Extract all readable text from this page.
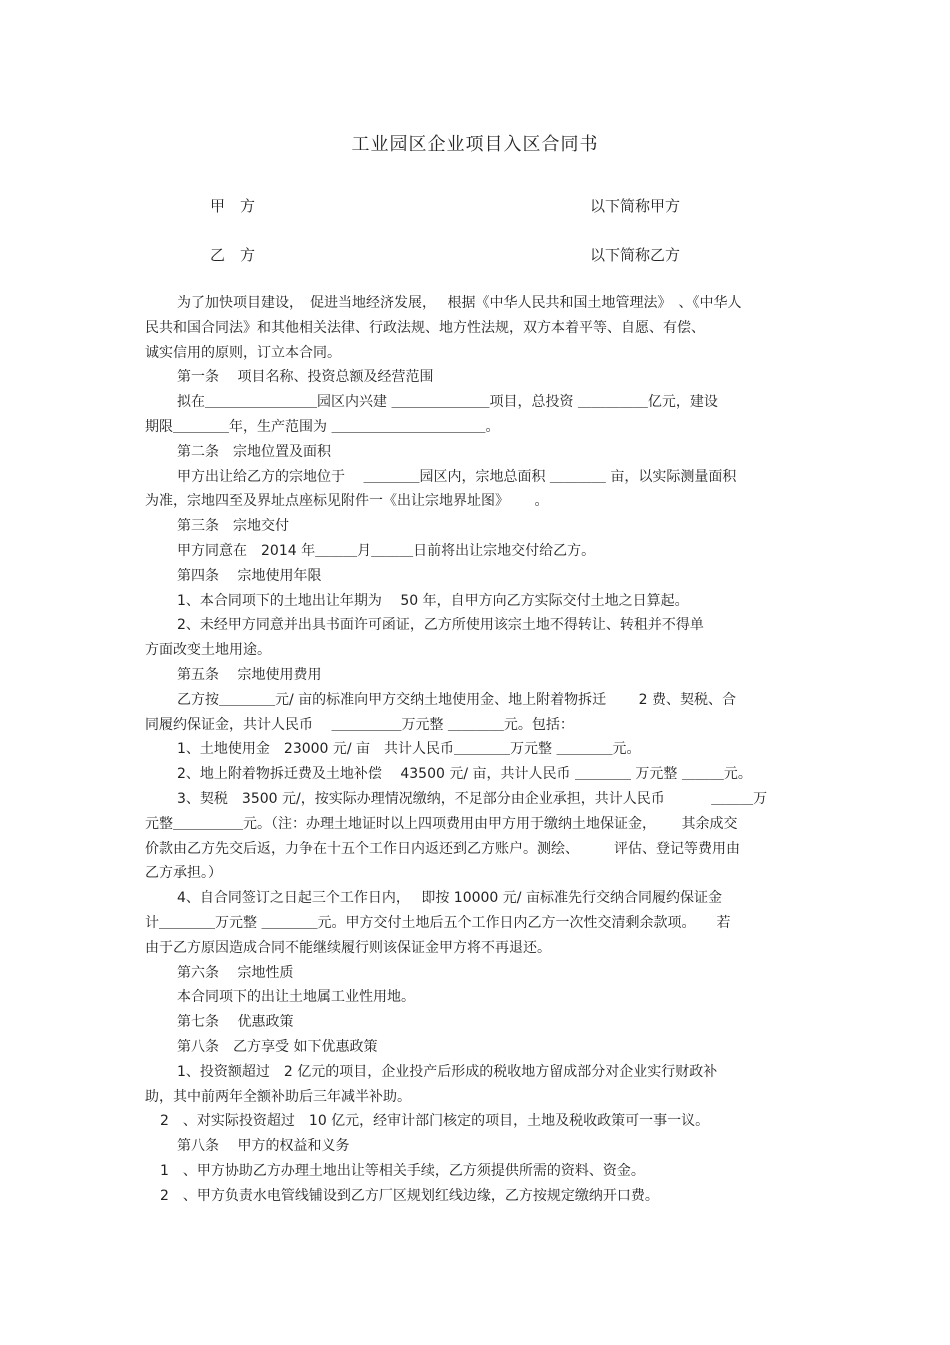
工业园区企业项目入区合同书
甲　方	以下简称甲方
乙　方	以下简称乙方
为了加快项目建设，　促进当地经济发展，　 根据《中华人民共和国土地管理法》　、《中华人
民共和国合同法》和其他相关法律、行政法规、地方性法规，双方本着平等、自愿、有偿、
诚实信用的原则，订立本合同。
第一条　 项目名称、投资总额及经营范围
拟在＿＿＿＿＿＿＿＿园区内兴建 ＿＿＿＿＿＿＿项目，总投资 ＿＿＿＿＿亿元，建设
期限＿＿＿＿年，生产范围为 ＿＿＿＿＿＿＿＿＿＿＿。
第二条　宗地位置及面积
甲方出让给乙方的宗地位于　 ＿＿＿＿园区内，宗地总面积 ＿＿＿＿ 亩，以实际测量面积
为准，宗地四至及界址点座标见附件一《出让宗地界址图》　　 。
第三条　宗地交付
甲方同意在　2014 年＿＿＿月＿＿＿日前将出让宗地交付给乙方。
第四条　 宗地使用年限
1、本合同项下的土地出让年期为　 50 年，自甲方向乙方实际交付土地之日算起。
2、未经甲方同意并出具书面许可函证，乙方所使用该宗土地不得转让、转租并不得单
方面改变土地用途。
第五条　 宗地使用费用
乙方按＿＿＿＿元/ 亩的标准向甲方交纳土地使用金、地上附着物拆迁　　 2 费、契税、合
同履约保证金，共计人民币　 ＿＿＿＿＿万元整 ＿＿＿＿元。包括：
1、土地使用金　23000 元/ 亩　共计人民币＿＿＿＿万元整 ＿＿＿＿元。
2、地上附着物拆迁费及土地补偿　 43500 元/ 亩，共计人民币 ＿＿＿＿ 万元整 ＿＿＿元。
3、契税　3500 元/，按实际办理情况缴纳，不足部分由企业承担，共计人民币　　　 ＿＿＿万
元整＿＿＿＿＿元。（注：办理土地证时以上四项费用由甲方用于缴纳土地保证金，　　 其余成交
价款由乙方先交后返，力争在十五个工作日内返还到乙方账户。测绘、　　　评估、登记等费用由
乙方承担。）
4、自合同签订之日起三个工作日内，　 即按 10000 元/ 亩标准先行交纳合同履约保证金
计＿＿＿＿万元整 ＿＿＿＿元。甲方交付土地后五个工作日内乙方一次性交清剩余款项。　　若
由于乙方原因造成合同不能继续履行则该保证金甲方将不再退还。
第六条　 宗地性质
本合同项下的出让土地属工业性用地。
第七条　 优惠政策
第八条　乙方享受 如下优惠政策
1、投资额超过　2 亿元的项目，企业投产后形成的税收地方留成部分对企业实行财政补
助，其中前两年全额补助后三年减半补助。
2　、对实际投资超过　10 亿元，经审计部门核定的项目，土地及税收政策可一事一议。
第八条　 甲方的权益和义务
1　、甲方协助乙方办理土地出让等相关手续，乙方须提供所需的资料、资金。
2　、甲方负责水电管线铺设到乙方厂区规划红线边缘，乙方按规定缴纳开口费。
